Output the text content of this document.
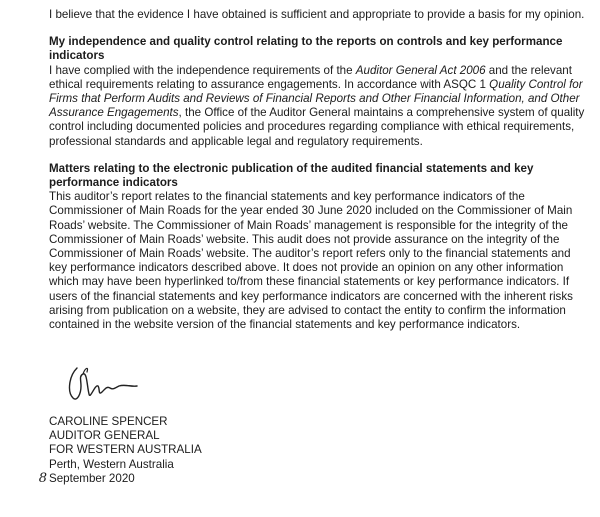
I believe that the evidence I have obtained is sufficient and appropriate to provide a basis for my opinion.

My independence and quality control relating to the reports on controls and key performance indicators

I have complied with the independence requirements of the Auditor General Act 2006 and the relevant ethical requirements relating to assurance engagements. In accordance with ASQC 1 Quality Control for Firms that Perform Audits and Reviews of Financial Reports and Other Financial Information, and Other Assurance Engagements, the Office of the Auditor General maintains a comprehensive system of quality control including documented policies and procedures regarding compliance with ethical requirements, professional standards and applicable legal and regulatory requirements.

Matters relating to the electronic publication of the audited financial statements and key performance indicators

This auditor’s report relates to the financial statements and key performance indicators of the Commissioner of Main Roads for the year ended 30 June 2020 included on the Commissioner of Main Roads’ website. The Commissioner of Main Roads’ management is responsible for the integrity of the Commissioner of Main Roads’ website. This audit does not provide assurance on the integrity of the Commissioner of Main Roads’ website. The auditor’s report refers only to the financial statements and key performance indicators described above. It does not provide an opinion on any other information which may have been hyperlinked to/from these financial statements or key performance indicators. If users of the financial statements and key performance indicators are concerned with the inherent risks arising from publication on a website, they are advised to contact the entity to confirm the information contained in the website version of the financial statements and key performance indicators.

CAROLINE SPENCER
AUDITOR GENERAL
FOR WESTERN AUSTRALIA
Perth, Western Australia
8 September 2020
